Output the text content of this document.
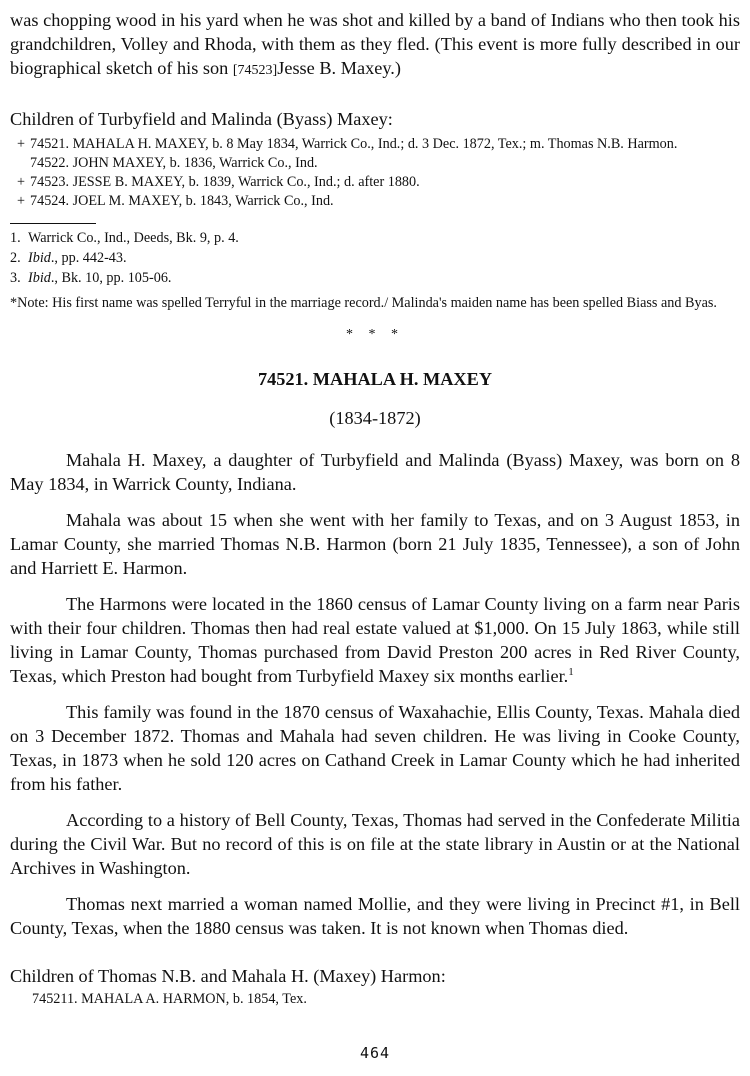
was chopping wood in his yard when he was shot and killed by a band of Indians who then took his grandchildren, Volley and Rhoda, with them as they fled. (This event is more fully described in our biographical sketch of his son [74523]Jesse B. Maxey.)

Children of Turbyfield and Malinda (Byass) Maxey:

+ 74521. MAHALA H. MAXEY, b. 8 May 1834, Warrick Co., Ind.; d. 3 Dec. 1872, Tex.; m. Thomas N.B. Harmon.
74522. JOHN MAXEY, b. 1836, Warrick Co., Ind.
+ 74523. JESSE B. MAXEY, b. 1839, Warrick Co., Ind.; d. after 1880.
+ 74524. JOEL M. MAXEY, b. 1843, Warrick Co., Ind.
1. Warrick Co., Ind., Deeds, Bk. 9, p. 4.
2. Ibid., pp. 442-43.
3. Ibid., Bk. 10, pp. 105-06.

*Note: His first name was spelled Terryful in the marriage record./ Malinda's maiden name has been spelled Biass and Byas.

* * *
74521. MAHALA H. MAXEY
(1834-1872)

Mahala H. Maxey, a daughter of Turbyfield and Malinda (Byass) Maxey, was born on 8 May 1834, in Warrick County, Indiana.

Mahala was about 15 when she went with her family to Texas, and on 3 August 1853, in Lamar County, she married Thomas N.B. Harmon (born 21 July 1835, Tennessee), a son of John and Harriett E. Harmon.

The Harmons were located in the 1860 census of Lamar County living on a farm near Paris with their four children. Thomas then had real estate valued at $1,000. On 15 July 1863, while still living in Lamar County, Thomas purchased from David Preston 200 acres in Red River County, Texas, which Preston had bought from Turbyfield Maxey six months earlier.$^1$

This family was found in the 1870 census of Waxahachie, Ellis County, Texas. Mahala died on 3 December 1872. Thomas and Mahala had seven children. He was living in Cooke County, Texas, in 1873 when he sold 120 acres on Cathand Creek in Lamar County which he had inherited from his father.

According to a history of Bell County, Texas, Thomas had served in the Confederate Militia during the Civil War. But no record of this is on file at the state library in Austin or at the National Archives in Washington.

Thomas next married a woman named Mollie, and they were living in Precinct #1, in Bell County, Texas, when the 1880 census was taken. It is not known when Thomas died.

Children of Thomas N.B. and Mahala H. (Maxey) Harmon:

745211. MAHALA A. HARMON, b. 1854, Tex.
464
